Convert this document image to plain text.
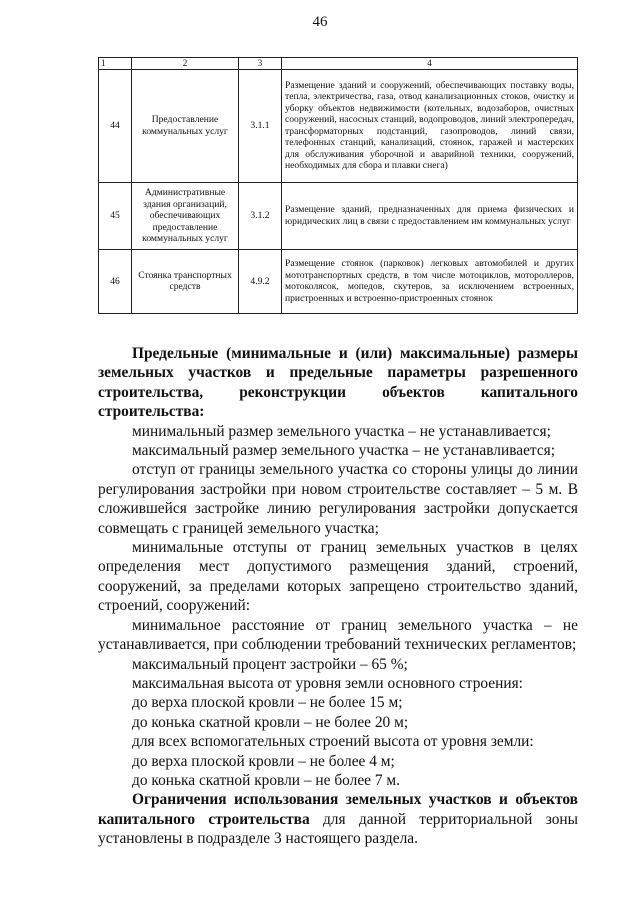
46
1	2	3	4
44	Предоставление коммунальных услуг	3.1.1	Размещение зданий и сооружений, обеспечивающих поставку воды, тепла, электричества, газа, отвод канализационных стоков, очистку и уборку объектов недвижимости (котельных, водозаборов, очистных сооружений, насосных станций, водопроводов, линий электропередач, трансформаторных подстанций, газопроводов, линий связи, телефонных станций, канализаций, стоянок, гаражей и мастерских для обслуживания уборочной и аварийной техники, сооружений, необходимых для сбора и плавки снега)
45	Административные здания организаций, обеспечивающих предоставление коммунальных услуг	3.1.2	Размещение зданий, предназначенных для приема физических и юридических лиц в связи с предоставлением им коммунальных услуг
46	Стоянка транспортных средств	4.9.2	Размещение стоянок (парковок) легковых автомобилей и других мототранспортных средств, в том числе мотоциклов, мотороллеров, мотоколясок, мопедов, скутеров, за исключением встроенных, пристроенных и встроенно-пристроенных стоянок

Предельные (минимальные и (или) максимальные) размеры земельных участков и предельные параметры разрешенного строительства, реконструкции объектов капитального строительства:

минимальный размер земельного участка – не устанавливается;

максимальный размер земельного участка – не устанавливается;

отступ от границы земельного участка со стороны улицы до линии регулирования застройки при новом строительстве составляет – 5 м. В сложившейся застройке линию регулирования застройки допускается совмещать с границей земельного участка;

минимальные отступы от границ земельных участков в целях определения мест допустимого размещения зданий, строений, сооружений, за пределами которых запрещено строительство зданий, строений, сооружений:

минимальное расстояние от границ земельного участка – не устанавливается, при соблюдении требований технических регламентов;

максимальный процент застройки – 65 %;

максимальная высота от уровня земли основного строения:

до верха плоской кровли – не более 15 м;

до конька скатной кровли – не более 20 м;

для всех вспомогательных строений высота от уровня земли:

до верха плоской кровли – не более 4 м;

до конька скатной кровли – не более 7 м.

Ограничения использования земельных участков и объектов капитального строительства для данной территориальной зоны установлены в подразделе 3 настоящего раздела.
